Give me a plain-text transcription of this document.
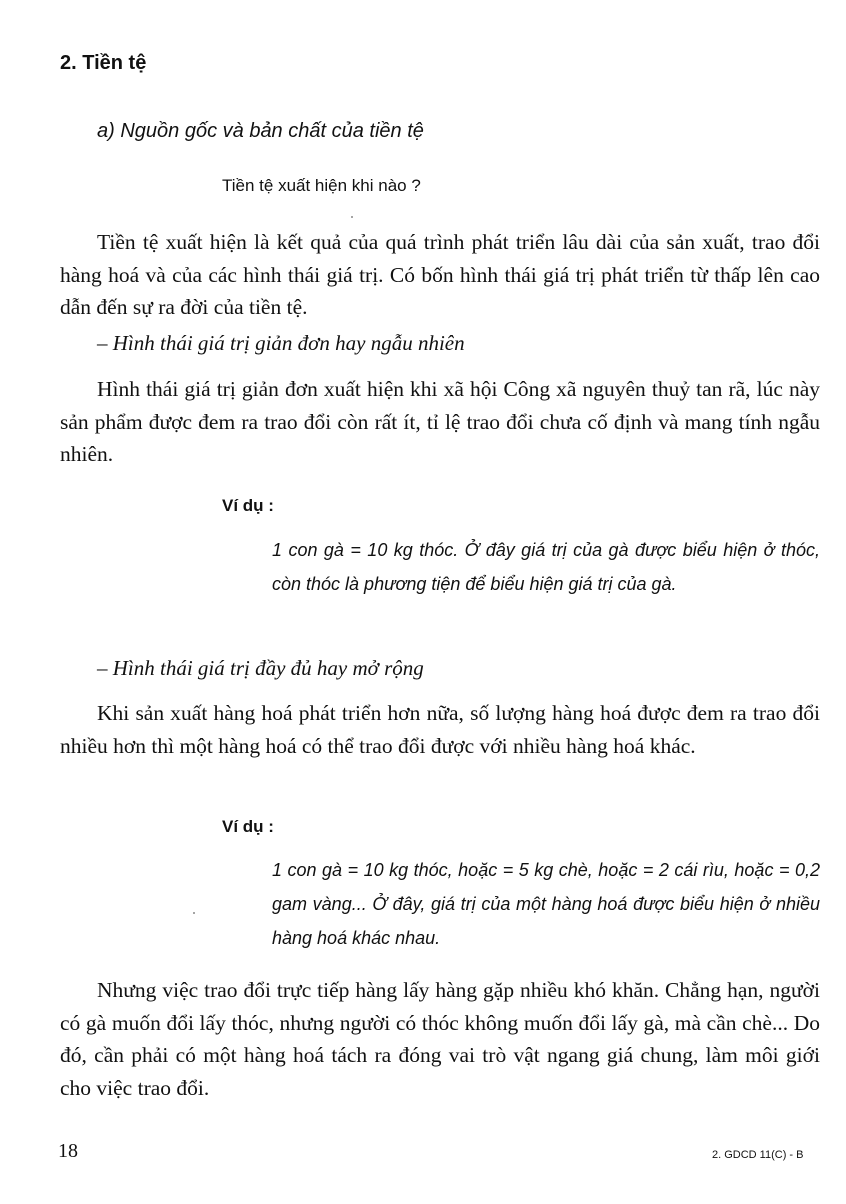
2. Tiền tệ
a) Nguồn gốc và bản chất của tiền tệ
Tiền tệ xuất hiện khi nào ?

Tiền tệ xuất hiện là kết quả của quá trình phát triển lâu dài của sản xuất, trao đổi hàng hoá và của các hình thái giá trị. Có bốn hình thái giá trị phát triển từ thấp lên cao dẫn đến sự ra đời của tiền tệ.

– Hình thái giá trị giản đơn hay ngẫu nhiên

Hình thái giá trị giản đơn xuất hiện khi xã hội Công xã nguyên thuỷ tan rã, lúc này sản phẩm được đem ra trao đổi còn rất ít, tỉ lệ trao đổi chưa cố định và mang tính ngẫu nhiên.

Ví dụ :

1 con gà = 10 kg thóc. Ở đây giá trị của gà được biểu hiện ở thóc, còn thóc là phương tiện để biểu hiện giá trị của gà.

– Hình thái giá trị đầy đủ hay mở rộng

Khi sản xuất hàng hoá phát triển hơn nữa, số lượng hàng hoá được đem ra trao đổi nhiều hơn thì một hàng hoá có thể trao đổi được với nhiều hàng hoá khác.

Ví dụ :

1 con gà = 10 kg thóc, hoặc = 5 kg chè, hoặc = 2 cái rìu, hoặc = 0,2 gam vàng... Ở đây, giá trị của một hàng hoá được biểu hiện ở nhiều hàng hoá khác nhau.

Nhưng việc trao đổi trực tiếp hàng lấy hàng gặp nhiều khó khăn. Chẳng hạn, người có gà muốn đổi lấy thóc, nhưng người có thóc không muốn đổi lấy gà, mà cần chè... Do đó, cần phải có một hàng hoá tách ra đóng vai trò vật ngang giá chung, làm môi giới cho việc trao đổi.

18	2. GDCD 11(C) - B
